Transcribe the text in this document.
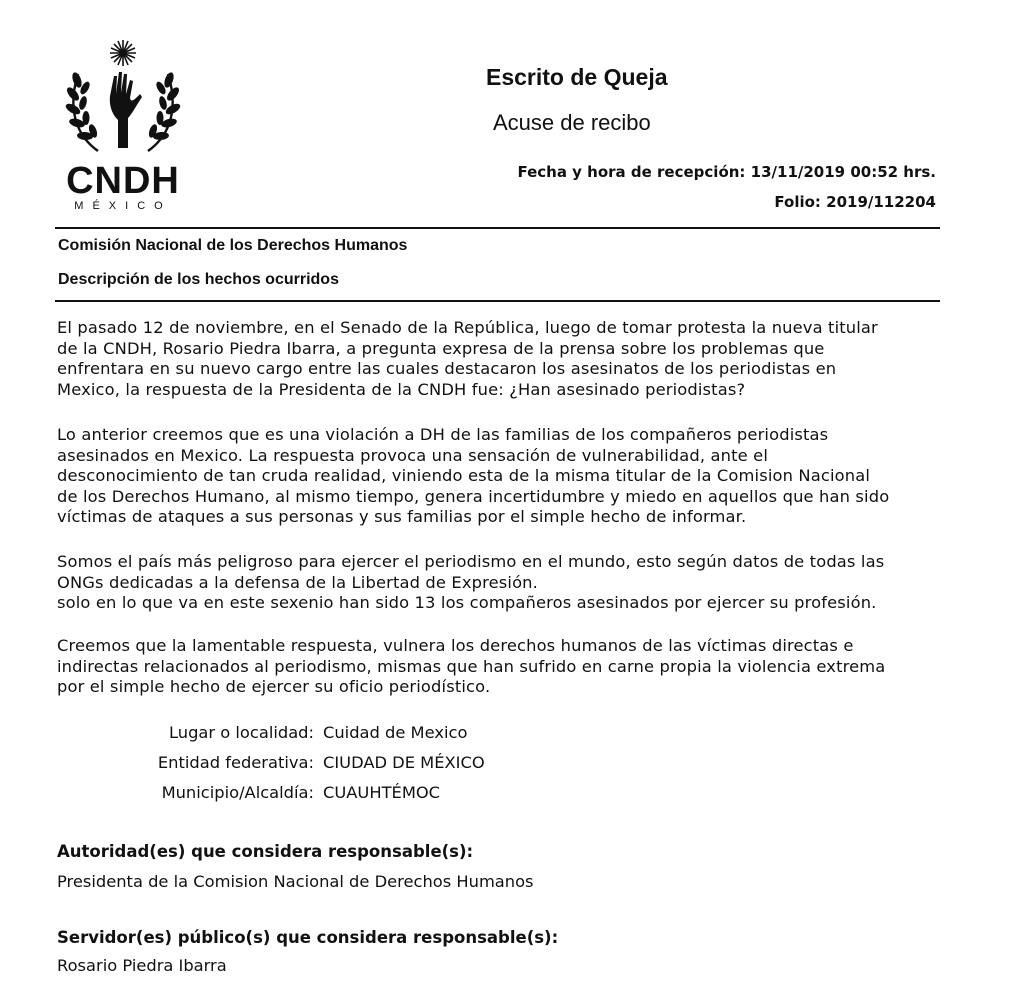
CNDH
MÉXICO
Escrito de Queja
Acuse de recibo
Fecha y hora de recepción: 13/11/2019 00:52 hrs.
Folio: 2019/112204
Comisión Nacional de los Derechos Humanos
Descripción de los hechos ocurridos
El pasado 12 de noviembre, en el Senado de la República, luego de tomar protesta la nueva titular
de la CNDH, Rosario Piedra Ibarra, a pregunta expresa de la prensa sobre los problemas que
enfrentara en su nuevo cargo entre las cuales destacaron los asesinatos de los periodistas en
Mexico, la respuesta de la Presidenta de la CNDH fue: ¿Han asesinado periodistas?
Lo anterior creemos que es una violación a DH de las familias de los compañeros periodistas
asesinados en Mexico. La respuesta provoca una sensación de vulnerabilidad, ante el
desconocimiento de tan cruda realidad, viniendo esta de la misma titular de la Comision Nacional
de los Derechos Humano, al mismo tiempo, genera incertidumbre y miedo en aquellos que han sido
víctimas de ataques a sus personas y sus familias por el simple hecho de informar.
Somos el país más peligroso para ejercer el periodismo en el mundo, esto según datos de todas las
ONGs dedicadas a la defensa de la Libertad de Expresión.
solo en lo que va en este sexenio han sido 13 los compañeros asesinados por ejercer su profesión.
Creemos que la lamentable respuesta, vulnera los derechos humanos de las víctimas directas e
indirectas relacionados al periodismo, mismas que han sufrido en carne propia la violencia extrema
por el simple hecho de ejercer su oficio periodístico.
Lugar o localidad: Cuidad de Mexico
Entidad federativa: CIUDAD DE MÉXICO
Municipio/Alcaldía: CUAUHTÉMOC
Autoridad(es) que considera responsable(s):
Presidenta de la Comision Nacional de Derechos Humanos
Servidor(es) público(s) que considera responsable(s):
Rosario Piedra Ibarra
